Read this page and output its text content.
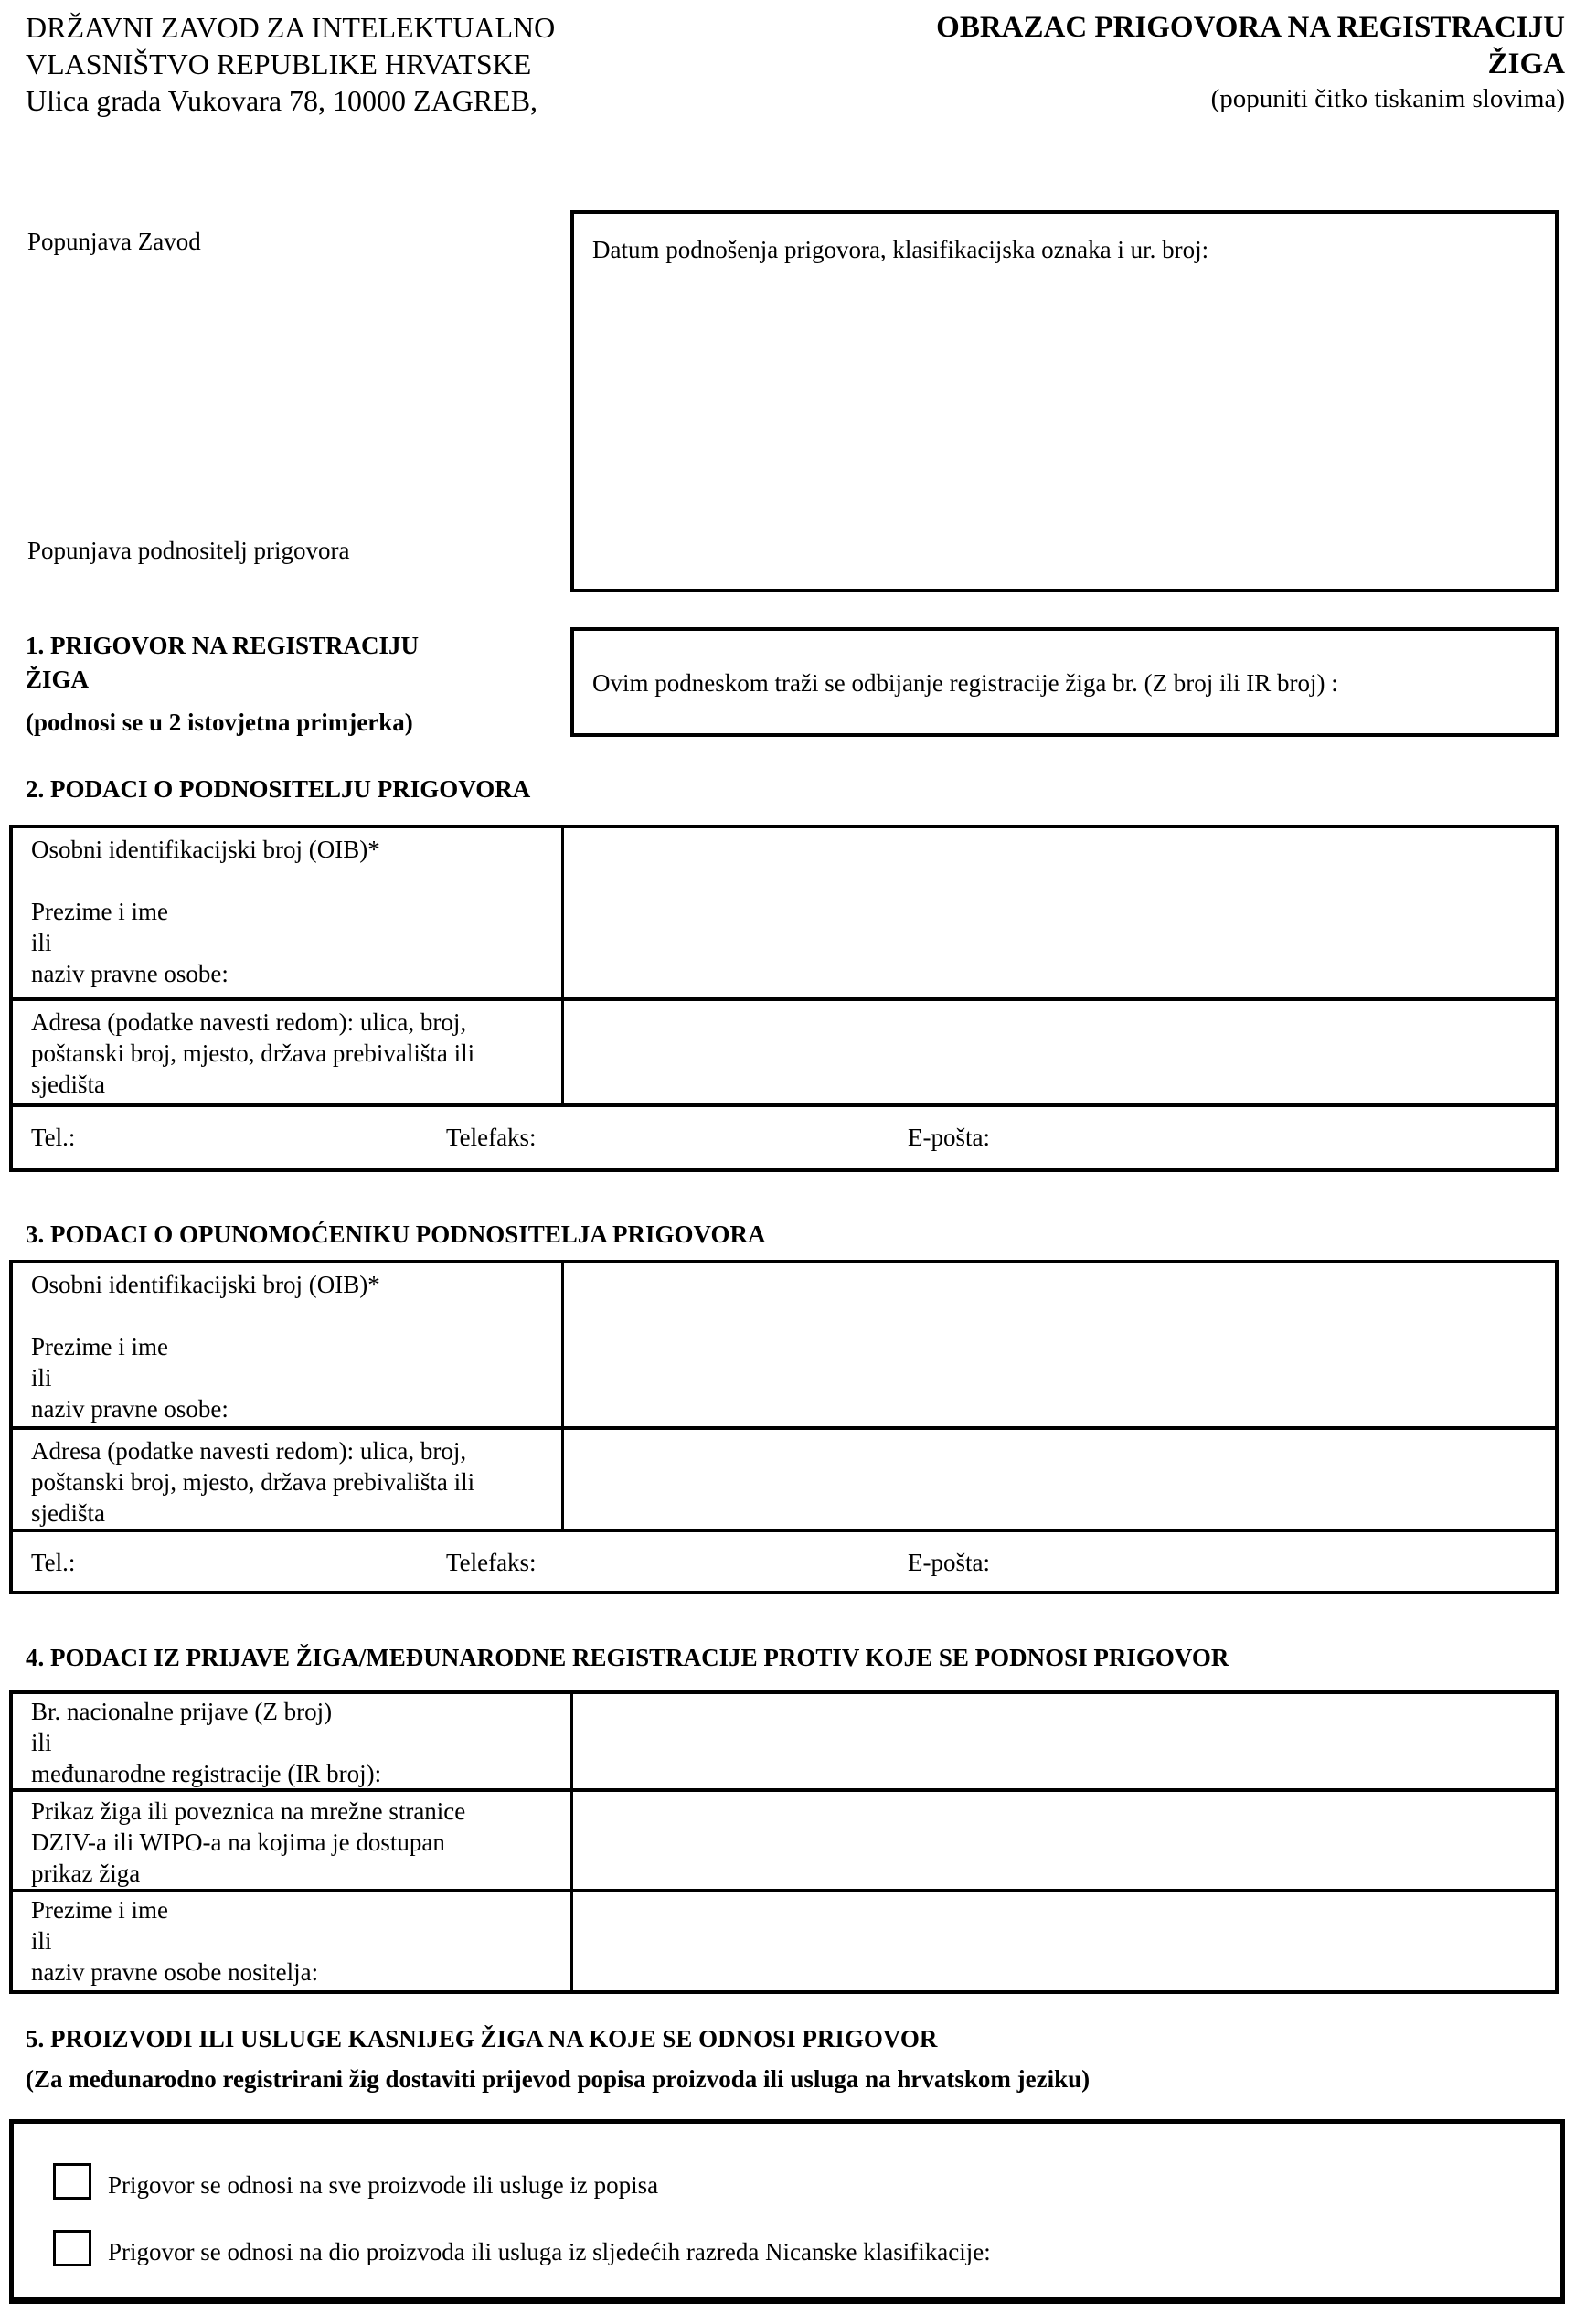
DRŽAVNI ZAVOD ZA INTELEKTUALNO
VLASNIŠTVO REPUBLIKE HRVATSKE
Ulica grada Vukovara 78, 10000 ZAGREB,
OBRAZAC PRIGOVORA NA REGISTRACIJU
ŽIGA
(popuniti čitko tiskanim slovima)
Popunjava Zavod
Popunjava podnositelj prigovora
Datum podnošenja prigovora, klasifikacijska oznaka i ur. broj:
1. PRIGOVOR NA REGISTRACIJU
ŽIGA
(podnosi se u 2 istovjetna primjerka)
Ovim podneskom traži se odbijanje registracije žiga br. (Z broj ili IR broj) :
2. PODACI O PODNOSITELJU PRIGOVORA
Osobni identifikacijski broj (OIB)*
Prezime i ime
ili
naziv pravne osobe:
Adresa (podatke navesti redom): ulica, broj,
poštanski broj, mjesto, država prebivališta ili
sjedišta
Tel.:	Telefaks:	E-pošta:
3. PODACI O OPUNOMOĆENIKU PODNOSITELJA PRIGOVORA
Osobni identifikacijski broj (OIB)*
Prezime i ime
ili
naziv pravne osobe:
Adresa (podatke navesti redom): ulica, broj,
poštanski broj, mjesto, država prebivališta ili
sjedišta
Tel.:	Telefaks:	E-pošta:
4. PODACI IZ PRIJAVE ŽIGA/MEĐUNARODNE REGISTRACIJE PROTIV KOJE SE PODNOSI PRIGOVOR
Br. nacionalne prijave (Z broj)
ili
međunarodne registracije (IR broj):
Prikaz žiga ili poveznica na mrežne stranice
DZIV-a ili WIPO-a na kojima je dostupan
prikaz žiga
Prezime i ime
ili
naziv pravne osobe nositelja:
5. PROIZVODI ILI USLUGE KASNIJEG ŽIGA NA KOJE SE ODNOSI PRIGOVOR
(Za međunarodno registrirani žig dostaviti prijevod popisa proizvoda ili usluga na hrvatskom jeziku)
Prigovor se odnosi na sve proizvode ili usluge iz popisa
Prigovor se odnosi na dio proizvoda ili usluga iz sljedećih razreda Nicanske klasifikacije:
